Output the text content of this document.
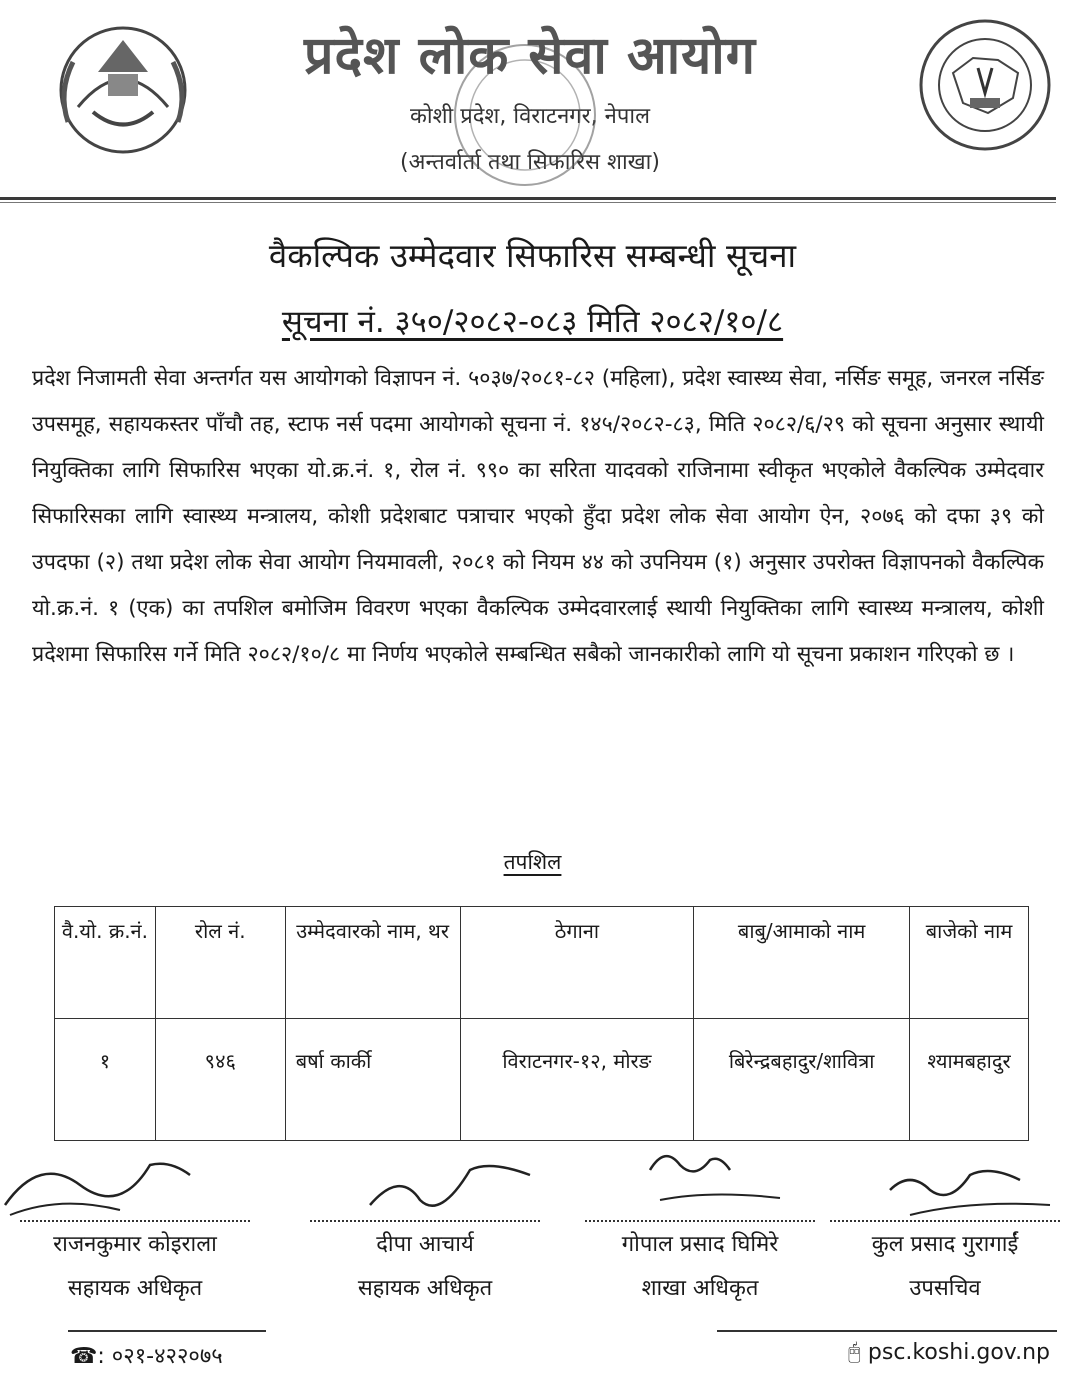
प्रदेश लोक सेवा आयोग
कोशी प्रदेश, विराटनगर, नेपाल
(अन्तर्वार्ता तथा सिफारिस शाखा)
वैकल्पिक उम्मेदवार सिफारिस सम्बन्धी सूचना
सूचना नं. ३५०/२०८२-०८३ मिति २०८२/१०/८
प्रदेश निजामती सेवा अन्तर्गत यस आयोगको विज्ञापन नं. ५०३७/२०८१-८२ (महिला), प्रदेश स्वास्थ्य सेवा, नर्सिङ समूह, जनरल नर्सिङ उपसमूह, सहायकस्तर पाँचौ तह, स्टाफ नर्स पदमा आयोगको सूचना नं. १४५/२०८२-८३, मिति २०८२/६/२९ को सूचना अनुसार स्थायी नियुक्तिका लागि सिफारिस भएका यो.क्र.नं. १, रोल नं. ९९० का सरिता यादवको राजिनामा स्वीकृत भएकोले वैकल्पिक उम्मेदवार सिफारिसका लागि स्वास्थ्य मन्त्रालय, कोशी प्रदेशबाट पत्राचार भएको हुँदा प्रदेश लोक सेवा आयोग ऐन, २०७६ को दफा ३९ को उपदफा (२) तथा प्रदेश लोक सेवा आयोग नियमावली, २०८१ को नियम ४४ को उपनियम (१) अनुसार उपरोक्त विज्ञापनको वैकल्पिक यो.क्र.नं. १ (एक) का तपशिल बमोजिम विवरण भएका वैकल्पिक उम्मेदवारलाई स्थायी नियुक्तिका लागि स्वास्थ्य मन्त्रालय, कोशी प्रदेशमा सिफारिस गर्ने मिति २०८२/१०/८ मा निर्णय भएकोले सम्बन्धित सबैको जानकारीको लागि यो सूचना प्रकाशन गरिएको छ ।
तपशिल
वै.यो. क्र.नं.	रोल नं.	उम्मेदवारको नाम, थर	ठेगाना	बाबु/आमाको नाम	बाजेको नाम
१	९४६	बर्षा कार्की	विराटनगर-१२, मोरङ	बिरेन्द्रबहादुर/शावित्रा	श्यामबहादुर
राजनकुमार कोइराला
सहायक अधिकृत
दीपा आचार्य
सहायक अधिकृत
गोपाल प्रसाद घिमिरे
शाखा अधिकृत
कुल प्रसाद गुरागाईं
उपसचिव
☎: ०२१-४२२०७५	🖰 psc.koshi.gov.np
